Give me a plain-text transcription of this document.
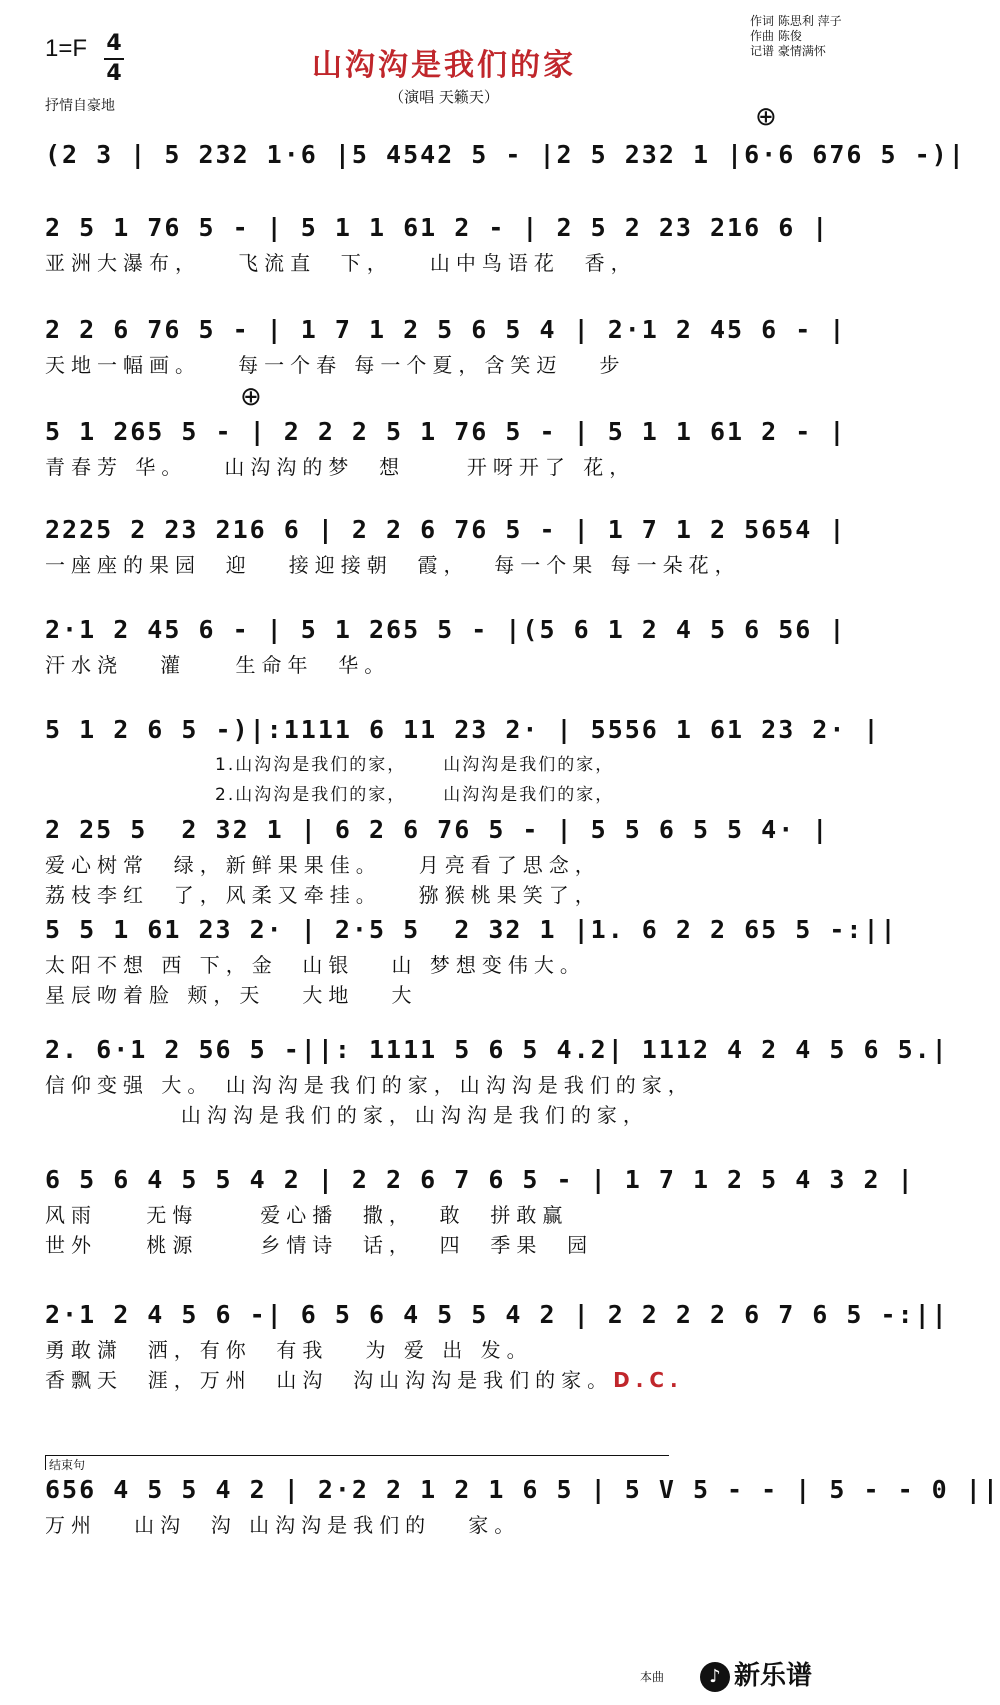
1=F 4
4
抒情自豪地
山沟沟是我们的家
（演唱 天籁天）
作词 陈思利 萍子
作曲 陈俊
记谱 豪情满怀
⊕
⊕
(2 3 | 5 232 1·6 |5 4542 5 - |2 5 232 1 |6·6 676 5 -)|
2 5 1 76 5 - | 5 1 1 61 2 - | 2 5 2 23 216 6 |
亚洲大瀑布，   飞流直  下，   山中鸟语花  香，
2 2 6 76 5 - | 1 7 1 2 5 6 5 4 | 2·1 2 45 6 - |
天地一幅画。   每一个春 每一个夏，含笑迈   步
5 1 265 5 - | 2 2 2 5 1 76 5 - | 5 1 1 61 2 - |
青春芳 华。   山沟沟的梦  想     开呀开了 花，
2225 2 23 216 6 | 2 2 6 76 5 - | 1 7 1 2 5654 |
一座座的果园  迎   接迎接朝  霞，  每一个果 每一朵花，
2·1 2 45 6 - | 5 1 265 5 - |(5 6 1 2 4 5 6 56 |
汗水浇   灌    生命年  华。
5 1 2 6 5 -)|:1111 6 11 23 2· | 5556 1 61 23 2· |
1.山沟沟是我们的家，     山沟沟是我们的家，
2.山沟沟是我们的家，     山沟沟是我们的家，
2 25 5  2 32 1 | 6 2 6 76 5 - | 5 5 6 5 5 4· |
爱心树常  绿，新鲜果果佳。   月亮看了思念，
荔枝李红  了，风柔又牵挂。   猕猴桃果笑了，
5 5 1 61 23 2· | 2·5 5  2 32 1 |1. 6 2 2 65 5 -:||
太阳不想 西 下，金  山银   山 梦想变伟大。
星辰吻着脸 颊，天   大地   大
2. 6·1 2 56 5 -||: 1111 5 6 5 4.2| 1112 4 2 4 5 6 5.|
信仰变强 大。 山沟沟是我们的家，山沟沟是我们的家，
山沟沟是我们的家，山沟沟是我们的家，
6 5 6 4 5 5 4 2 | 2 2 6 7 6 5 - | 1 7 1 2 5 4 3 2 |
风雨    无悔     爱心播  撒，  敢  拼敢赢
世外    桃源     乡情诗  话，  四  季果  园
2·1 2 4 5 6 -| 6 5 6 4 5 5 4 2 | 2 2 2 2 6 7 6 5 -:||
勇敢潇  洒，有你  有我   为 爱 出 发。
香飘天  涯，万州  山沟  沟山沟沟是我们的家。D.C.
结束句
656 4 5 5 4 2 | 2·2 2 1 2 1 6 5 | 5 V 5 - - | 5 - - 0 ||
万州   山沟  沟 山沟沟是我们的   家。
本曲	♪ 新乐谱
